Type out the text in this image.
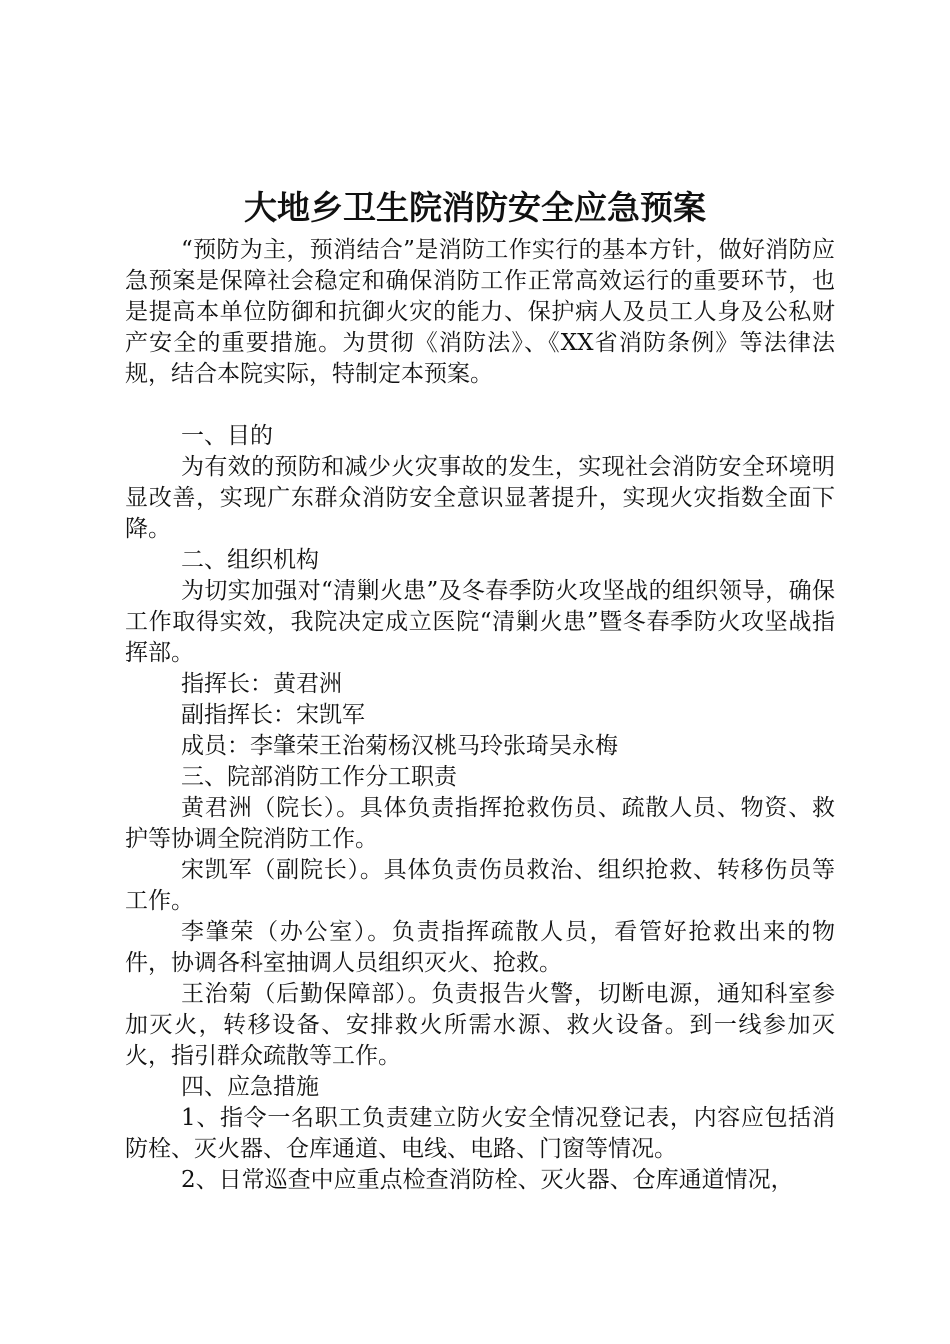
大地乡卫生院消防安全应急预案

“预防为主，预消结合”是消防工作实行的基本方针，做好消防应急预案是保障社会稳定和确保消防工作正常高效运行的重要环节，也是提高本单位防御和抗御火灾的能力、保护病人及员工人身及公私财产安全的重要措施。为贯彻《消防法》、《XX省消防条例》等法律法规，结合本院实际，特制定本预案。

一、目的

为有效的预防和减少火灾事故的发生，实现社会消防安全环境明显改善，实现广东群众消防安全意识显著提升，实现火灾指数全面下降。

二、组织机构

为切实加强对“清剿火患”及冬春季防火攻坚战的组织领导，确保工作取得实效，我院决定成立医院“清剿火患”暨冬春季防火攻坚战指挥部。

指挥长：黄君洲

副指挥长：宋凯军

成员：李肇荣王治菊杨汉桃马玲张琦吴永梅

三、院部消防工作分工职责

黄君洲（院长）。具体负责指挥抢救伤员、疏散人员、物资、救护等协调全院消防工作。

宋凯军（副院长）。具体负责伤员救治、组织抢救、转移伤员等工作。

李肇荣（办公室）。负责指挥疏散人员，看管好抢救出来的物件，协调各科室抽调人员组织灭火、抢救。

王治菊（后勤保障部）。负责报告火警，切断电源，通知科室参加灭火，转移设备、安排救火所需水源、救火设备。到一线参加灭火，指引群众疏散等工作。

四、应急措施

1、指令一名职工负责建立防火安全情况登记表，内容应包括消防栓、灭火器、仓库通道、电线、电路、门窗等情况。

2、日常巡查中应重点检查消防栓、灭火器、仓库通道情况，
